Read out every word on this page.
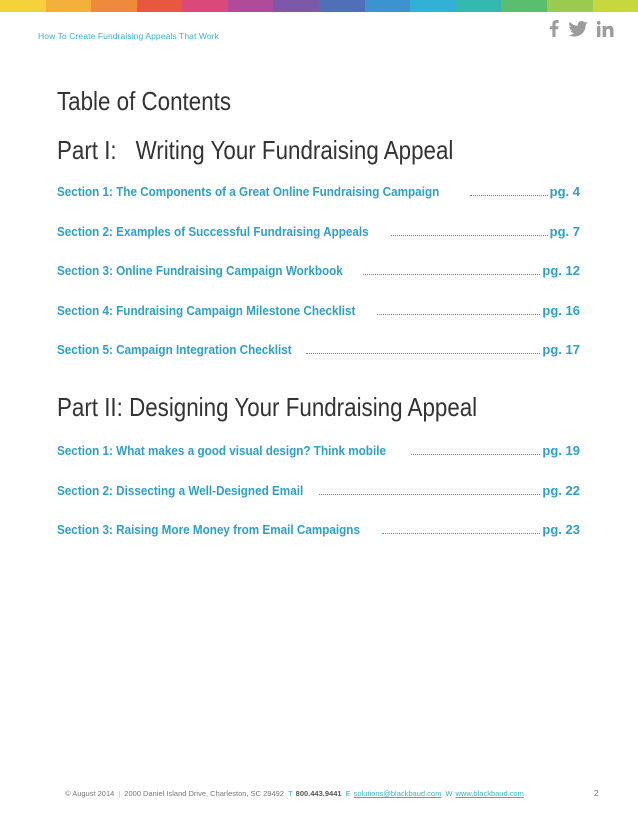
How To Create Fundraising Appeals That Work
Table of Contents
Part I: Writing Your Fundraising Appeal
Section 1: The Components of a Great Online Fundraising Campaign	pg. 4
Section 2: Examples of Successful Fundraising Appeals	pg. 7
Section 3: Online Fundraising Campaign Workbook	pg. 12
Section 4: Fundraising Campaign Milestone Checklist	pg. 16
Section 5: Campaign Integration Checklist	pg. 17
Part II: Designing Your Fundraising Appeal
Section 1: What makes a good visual design? Think mobile	pg. 19
Section 2: Dissecting a Well-Designed Email	pg. 22
Section 3: Raising More Money from Email Campaigns	pg. 23
© August 2014 | 2000 Daniel Island Drive, Charleston, SC 29492 T 800.443.9441 E solutions@blackbaud.com W www.blackbaud.com	2
